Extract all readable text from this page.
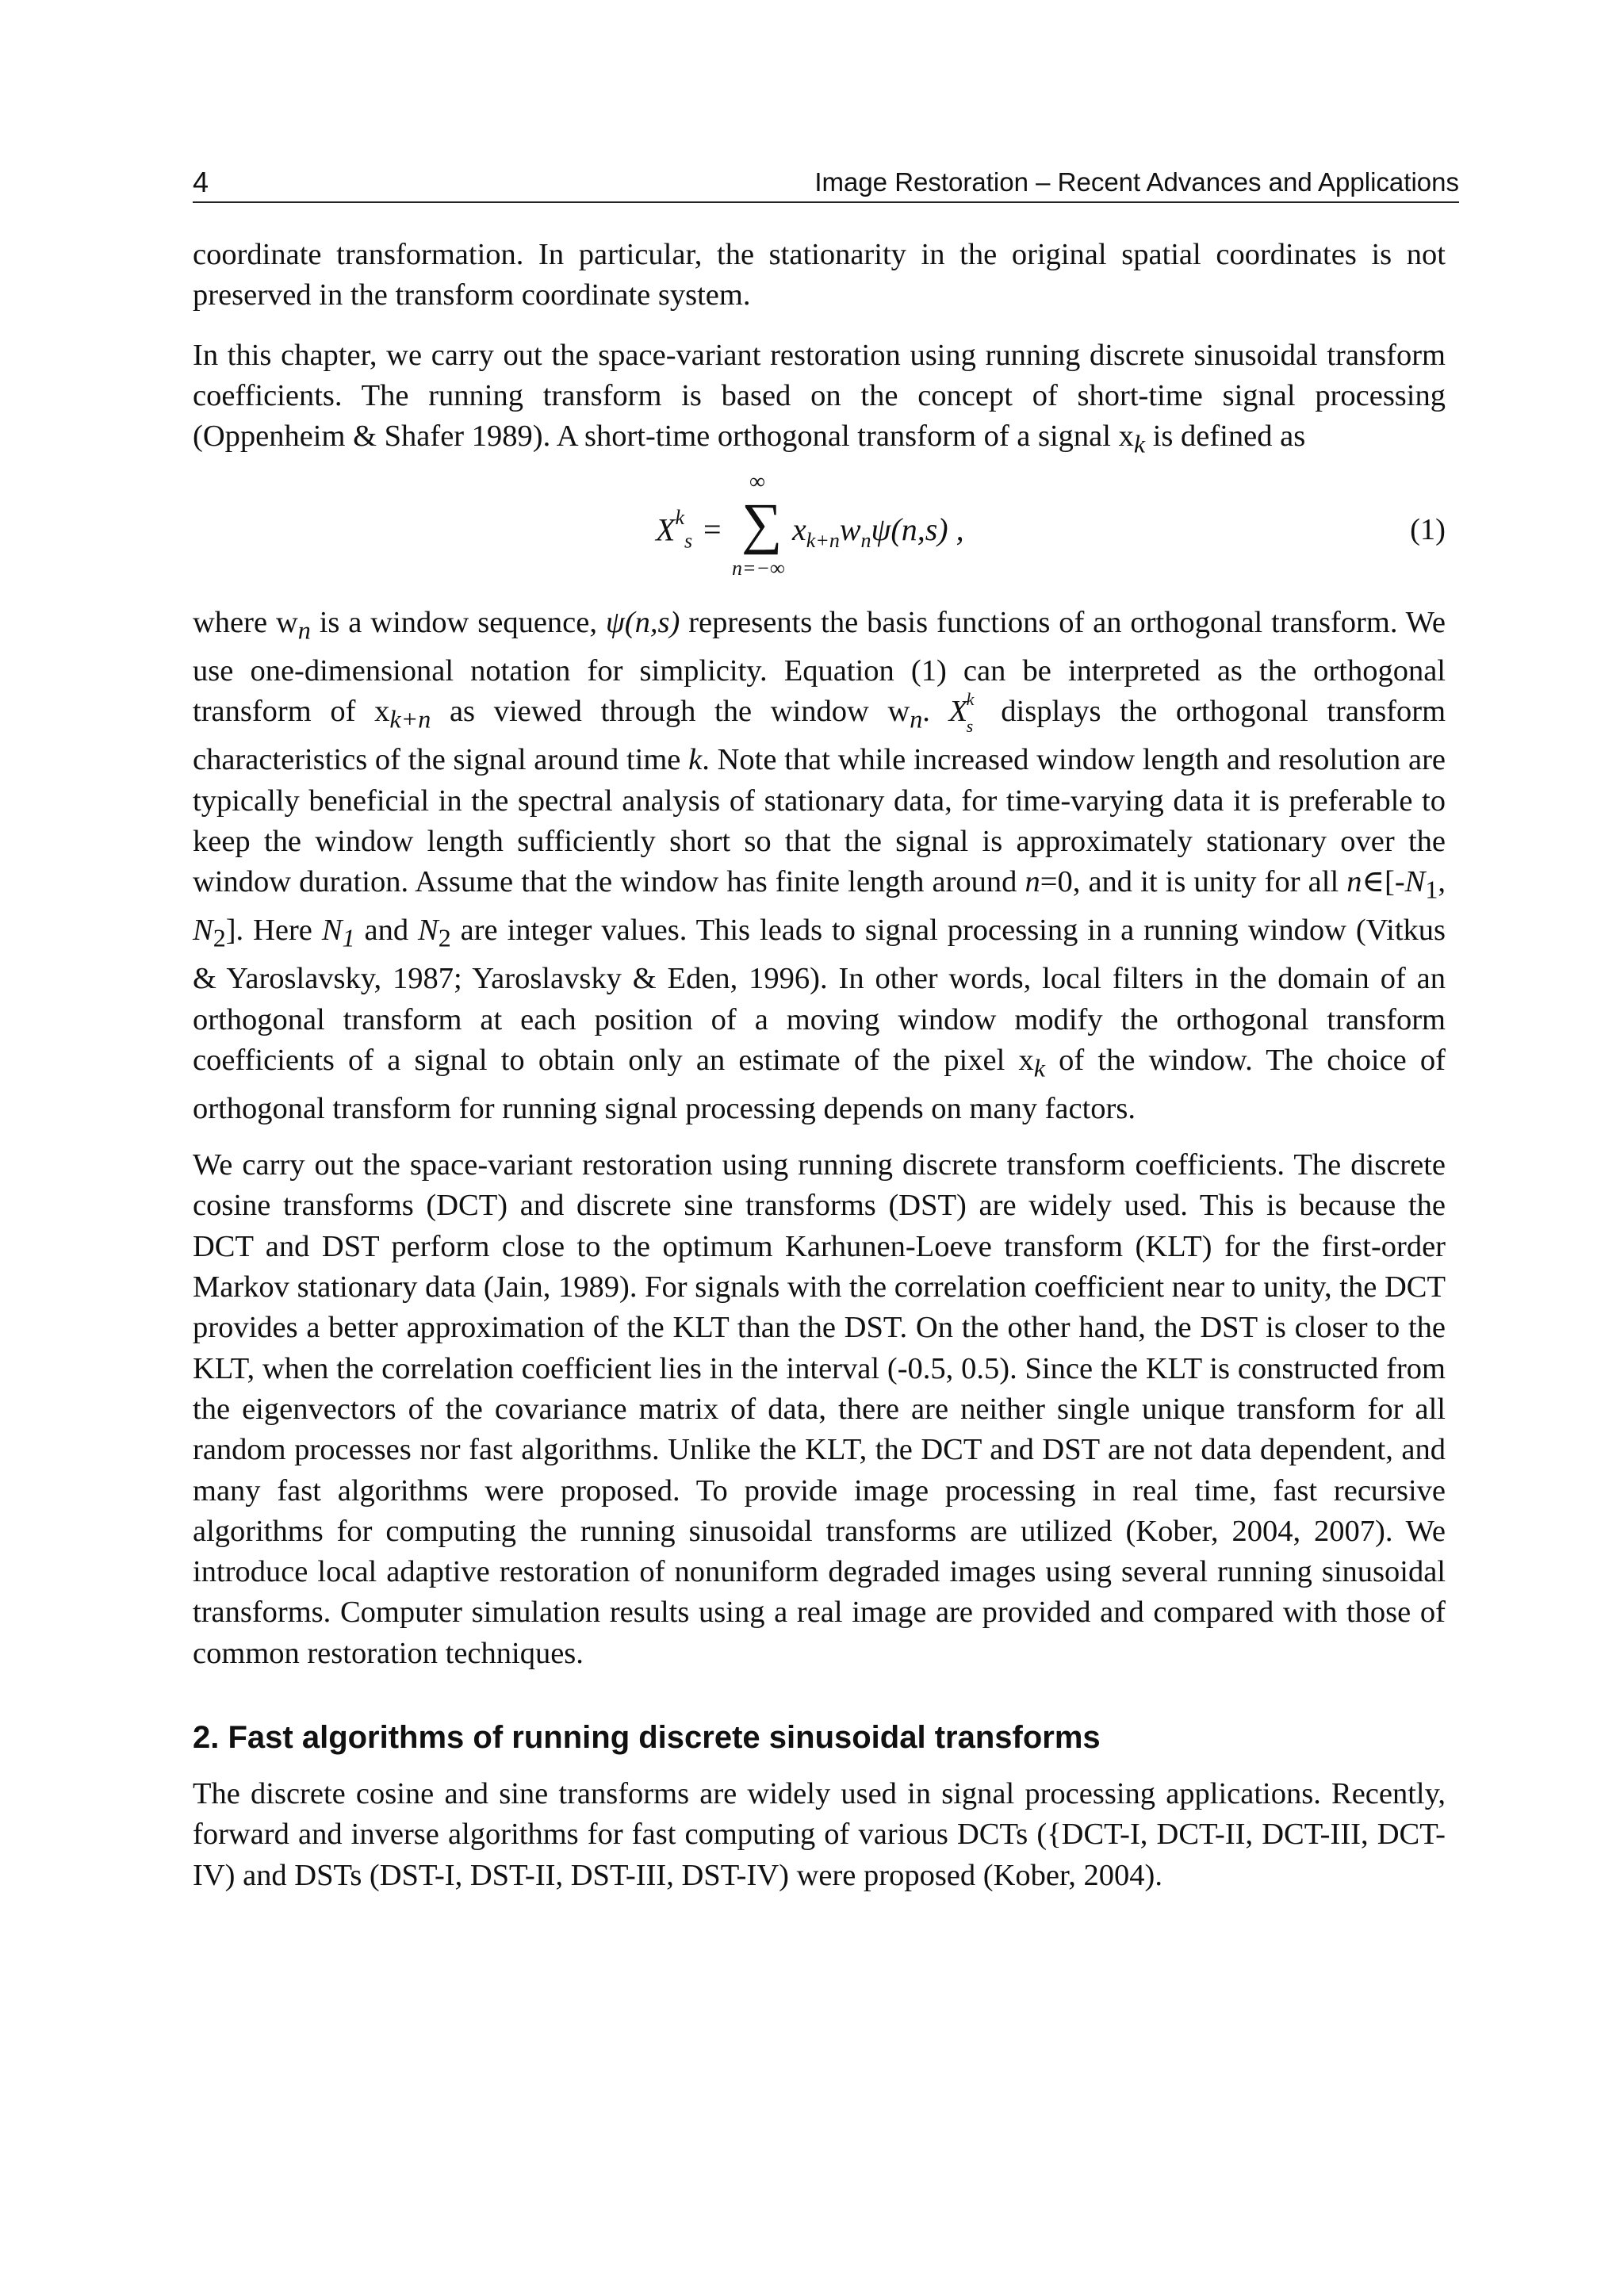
4	Image Restoration – Recent Advances and Applications

coordinate transformation. In particular, the stationarity in the original spatial coordinates is not preserved in the transform coordinate system.

In this chapter, we carry out the space-variant restoration using running discrete sinusoidal transform coefficients. The running transform is based on the concept of short-time signal processing (Oppenheim & Shafer 1989). A short-time orthogonal transform of a signal $x_k$ is defined as

$X^k_s$ =
∞
∑
n=−∞
$x_{k+n}w_n\psi(n,s)$ ,	(1)

where $w_n$ is a window sequence, ψ(n,s) represents the basis functions of an orthogonal transform. We use one-dimensional notation for simplicity. Equation (1) can be interpreted as the orthogonal transform of $x_{k+n}$ as viewed through the window $w_n$. X
k
s displays the orthogonal transform characteristics of the signal around time k. Note that while increased window length and resolution are typically beneficial in the spectral analysis of stationary data, for time-varying data it is preferable to keep the window length sufficiently short so that the signal is approximately stationary over the window duration. Assume that the window has finite length around n=0, and it is unity for all $n\in[-N_1$, $N_2$]. Here $N_1$ and $N_2$ are integer values. This leads to signal processing in a running window (Vitkus & Yaroslavsky, 1987; Yaroslavsky & Eden, 1996). In other words, local filters in the domain of an orthogonal transform at each position of a moving window modify the orthogonal transform coefficients of a signal to obtain only an estimate of the pixel $x_k$ of the window. The choice of orthogonal transform for running signal processing depends on many factors.

We carry out the space-variant restoration using running discrete transform coefficients. The discrete cosine transforms (DCT) and discrete sine transforms (DST) are widely used. This is because the DCT and DST perform close to the optimum Karhunen-Loeve transform (KLT) for the first-order Markov stationary data (Jain, 1989). For signals with the correlation coefficient near to unity, the DCT provides a better approximation of the KLT than the DST. On the other hand, the DST is closer to the KLT, when the correlation coefficient lies in the interval (-0.5, 0.5). Since the KLT is constructed from the eigenvectors of the covariance matrix of data, there are neither single unique transform for all random processes nor fast algorithms. Unlike the KLT, the DCT and DST are not data dependent, and many fast algorithms were proposed. To provide image processing in real time, fast recursive algorithms for computing the running sinusoidal transforms are utilized (Kober, 2004, 2007). We introduce local adaptive restoration of nonuniform degraded images using several running sinusoidal transforms. Computer simulation results using a real image are provided and compared with those of common restoration techniques.

2. Fast algorithms of running discrete sinusoidal transforms

The discrete cosine and sine transforms are widely used in signal processing applications. Recently, forward and inverse algorithms for fast computing of various DCTs ({DCT-I, DCT-II, DCT-III, DCT-IV) and DSTs (DST-I, DST-II, DST-III, DST-IV) were proposed (Kober, 2004).
